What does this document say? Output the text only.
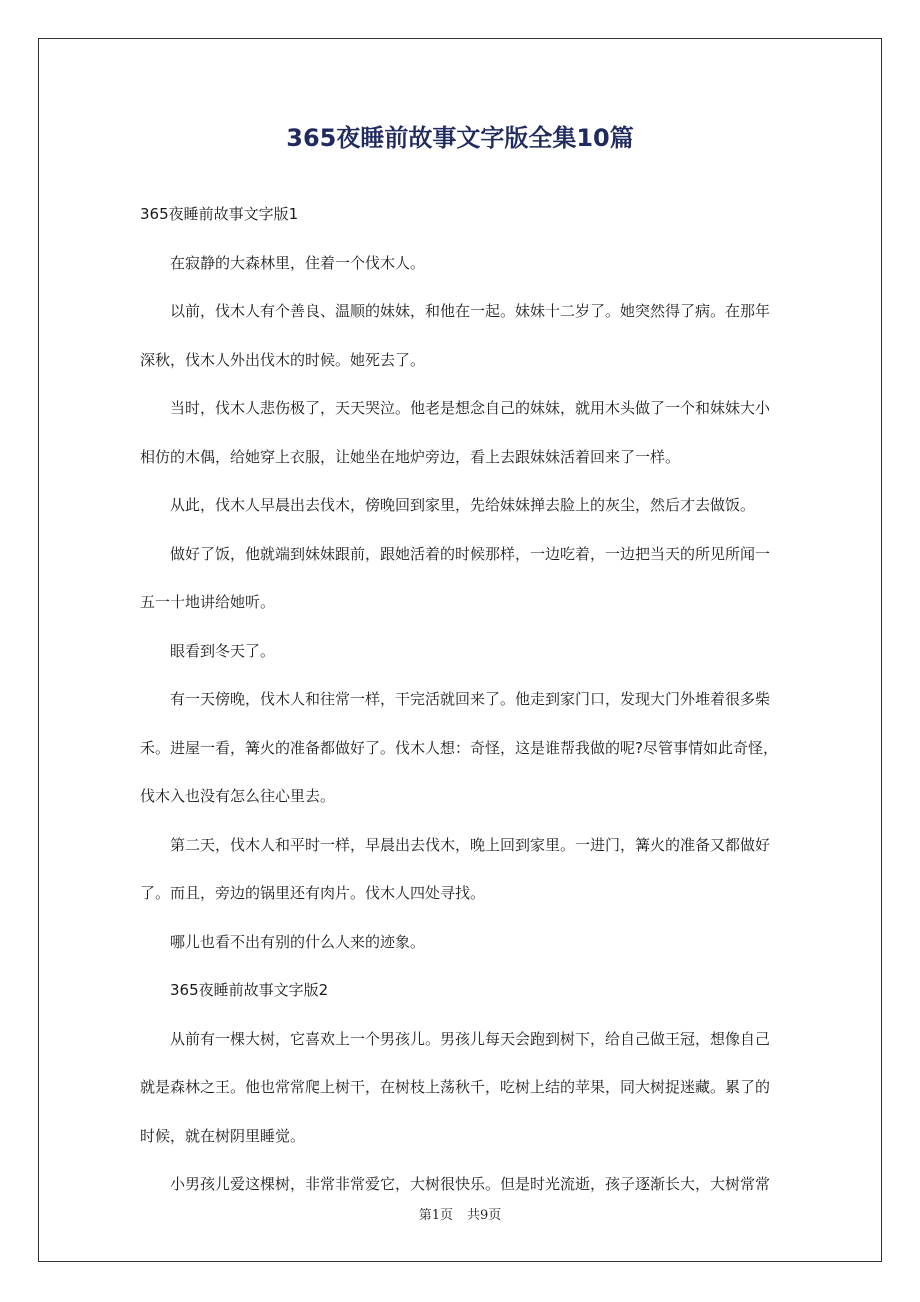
365夜睡前故事文字版全集10篇

365夜睡前故事文字版1

在寂静的大森林里，住着一个伐木人。

以前，伐木人有个善良、温顺的妹妹，和他在一起。妹妹十二岁了。她突然得了病。在那年

深秋，伐木人外出伐木的时候。她死去了。

当时，伐木人悲伤极了，天天哭泣。他老是想念自己的妹妹，就用木头做了一个和妹妹大小

相仿的木偶，给她穿上衣服，让她坐在地炉旁边，看上去跟妹妹活着回来了一样。

从此，伐木人早晨出去伐木，傍晚回到家里，先给妹妹掸去脸上的灰尘，然后才去做饭。

做好了饭，他就端到妹妹跟前，跟她活着的时候那样，一边吃着，一边把当天的所见所闻一

五一十地讲给她听。

眼看到冬天了。

有一天傍晚，伐木人和往常一样，干完活就回来了。他走到家门口，发现大门外堆着很多柴

禾。进屋一看，篝火的准备都做好了。伐木人想：奇怪，这是谁帮我做的呢?尽管事情如此奇怪，

伐木入也没有怎么往心里去。

第二天，伐木人和平时一样，早晨出去伐木，晚上回到家里。一进门，篝火的准备又都做好

了。而且，旁边的锅里还有肉片。伐木人四处寻找。

哪儿也看不出有别的什么人来的迹象。

365夜睡前故事文字版2

从前有一棵大树，它喜欢上一个男孩儿。男孩儿每天会跑到树下，给自己做王冠，想像自己

就是森林之王。他也常常爬上树干，在树枝上荡秋千，吃树上结的苹果，同大树捉迷藏。累了的

时候，就在树阴里睡觉。

小男孩儿爱这棵树，非常非常爱它，大树很快乐。但是时光流逝，孩子逐渐长大，大树常常

第1页 共9页
